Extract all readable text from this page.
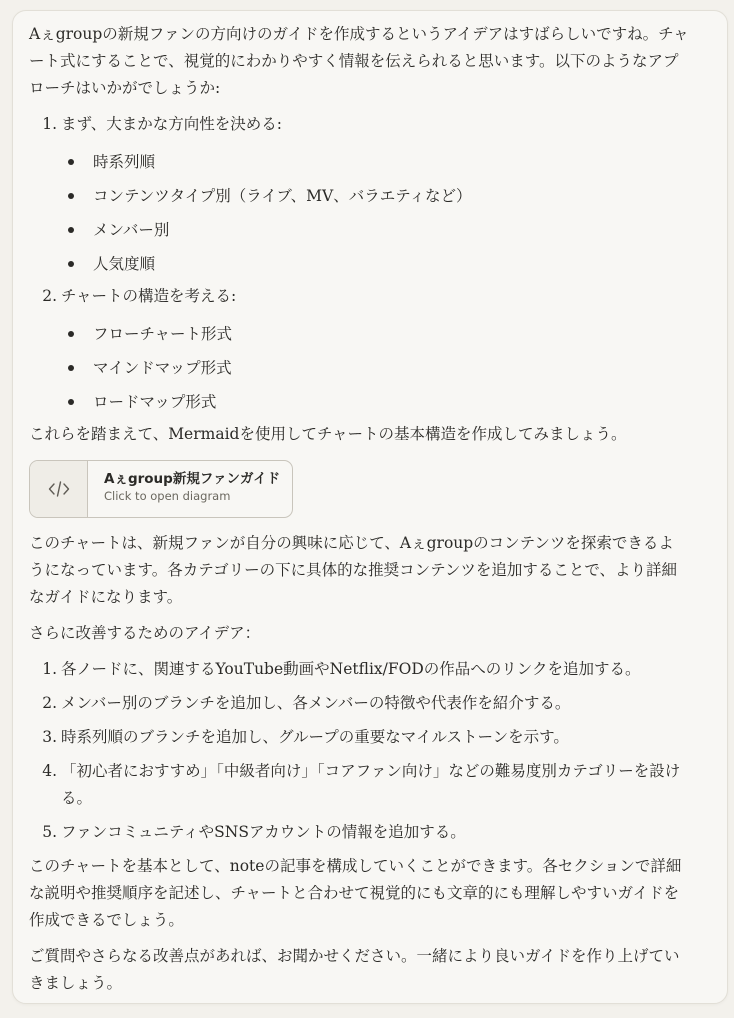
Aぇgroupの新規ファンの方向けのガイドを作成するというアイデアはすばらしいですね。チャート式にすることで、視覚的にわかりやすく情報を伝えられると思います。以下のようなアプローチはいかがでしょうか:

1. まず、大まかな方向性を決める:
時系列順
コンテンツタイプ別（ライブ、MV、バラエティなど）
メンバー別
人気度順
2. チャートの構造を考える:
フローチャート形式
マインドマップ形式
ロードマップ形式

これらを踏まえて、Mermaidを使用してチャートの基本構造を作成してみましょう。

Aぇgroup新規ファンガイド
Click to open diagram

このチャートは、新規ファンが自分の興味に応じて、Aぇgroupのコンテンツを探索できるようになっています。各カテゴリーの下に具体的な推奨コンテンツを追加することで、より詳細なガイドになります。

さらに改善するためのアイデア：

1. 各ノードに、関連するYouTube動画やNetflix/FODの作品へのリンクを追加する。
2. メンバー別のブランチを追加し、各メンバーの特徴や代表作を紹介する。
3. 時系列順のブランチを追加し、グループの重要なマイルストーンを示す。
4. 「初心者におすすめ」「中級者向け」「コアファン向け」などの難易度別カテゴリーを設ける。
5. ファンコミュニティやSNSアカウントの情報を追加する。

このチャートを基本として、noteの記事を構成していくことができます。各セクションで詳細な説明や推奨順序を記述し、チャートと合わせて視覚的にも文章的にも理解しやすいガイドを作成できるでしょう。

ご質問やさらなる改善点があれば、お聞かせください。一緒により良いガイドを作り上げていきましょう。
